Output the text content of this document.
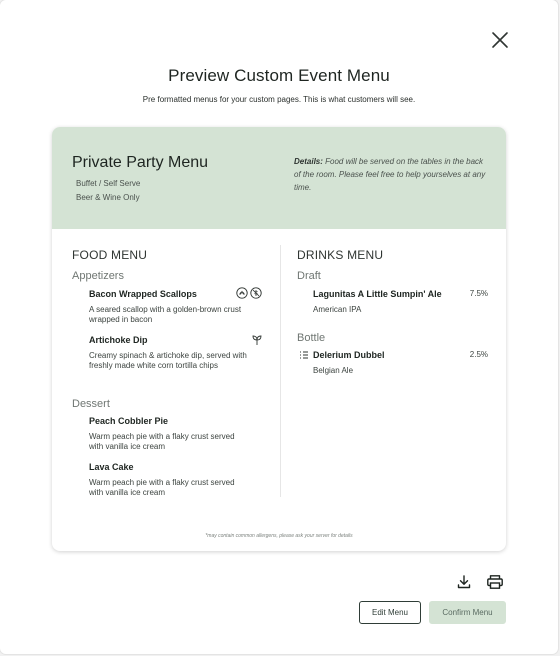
Preview Custom Event Menu
Pre formatted menus for your custom pages. This is what customers will see.
Private Party Menu
Buffet / Self Serve
Beer & Wine Only
Details: Food will be served on the tables in the back of the room. Please feel free to help yourselves at any time.
FOOD MENU
Appetizers
Bacon Wrapped Scallops
A seared scallop with a golden-brown crust wrapped in bacon
Artichoke Dip
Creamy spinach & artichoke dip, served with freshly made white corn tortilla chips
Dessert
Peach Cobbler Pie
Warm peach pie with a flaky crust served with vanilla ice cream
Lava Cake
Warm peach pie with a flaky crust served with vanilla ice cream
DRINKS MENU
Draft
Lagunitas A Little Sumpin' Ale	7.5%
American IPA
Bottle
Delerium Dubbel	2.5%
Belgian Ale
*may contain common allergens, please ask your server for details
Edit Menu	Confirm Menu
